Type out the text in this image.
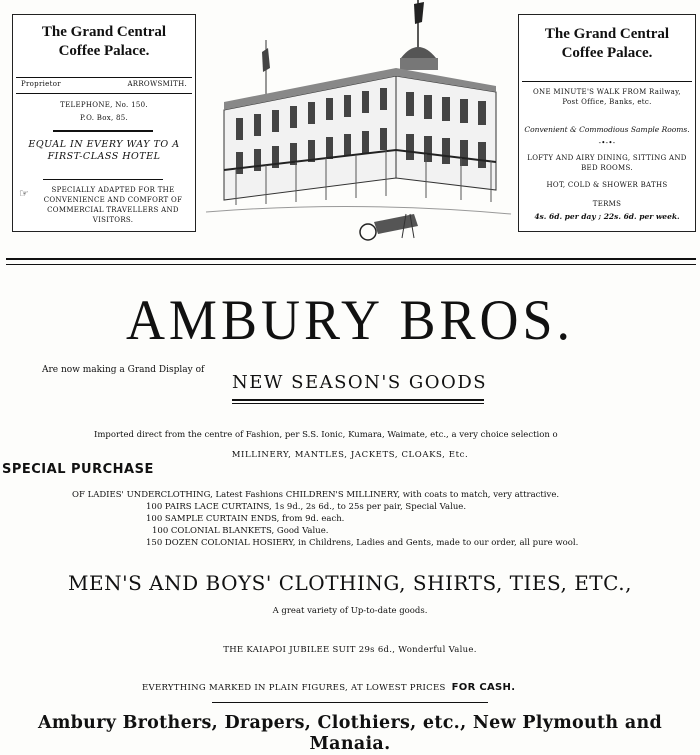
The Grand Central Coffee Palace.
Proprietor	ARROWSMITH.
TELEPHONE, No. 150.
P.O. Box, 85.
EQUAL IN EVERY WAY TO A FIRST-CLASS HOTEL
☞	SPECIALLY ADAPTED FOR THE CONVENIENCE AND COMFORT OF COMMERCIAL TRAVELLERS AND VISITORS.
The Grand Central Coffee Palace.
ONE MINUTE'S WALK FROM Railway, Post Office, Banks, etc.
Convenient & Commodious Sample Rooms.
-•-•-
LOFTY AND AIRY DINING, SITTING AND BED ROOMS.
HOT, COLD & SHOWER BATHS
TERMS
4s. 6d. per day ; 22s. 6d. per week.
AMBURY BROS.
Are now making a Grand Display of
NEW SEASON'S GOODS
Imported direct from the centre of Fashion, per S.S. Ionic, Kumara, Waimate, etc., a very choice selection o
MILLINERY, MANTLES, JACKETS, CLOAKS, Etc.
SPECIAL PURCHASE
OF LADIES' UNDERCLOTHING, Latest Fashions CHILDREN'S MILLINERY, with coats to match, very attractive.
100 PAIRS LACE CURTAINS, 1s 9d., 2s 6d., to 25s per pair, Special Value.
100 SAMPLE CURTAIN ENDS, from 9d. each.
100 COLONIAL BLANKETS, Good Value.
150 DOZEN COLONIAL HOSIERY, in Childrens, Ladies and Gents, made to our order, all pure wool.
MEN'S AND BOYS' CLOTHING, SHIRTS, TIES, ETC.,
A great variety of Up-to-date goods.
THE KAIAPOI JUBILEE SUIT 29s 6d., Wonderful Value.
EVERYTHING MARKED IN PLAIN FIGURES, AT LOWEST PRICES FOR CASH.
Ambury Brothers, Drapers, Clothiers, etc., New Plymouth and Manaia.
